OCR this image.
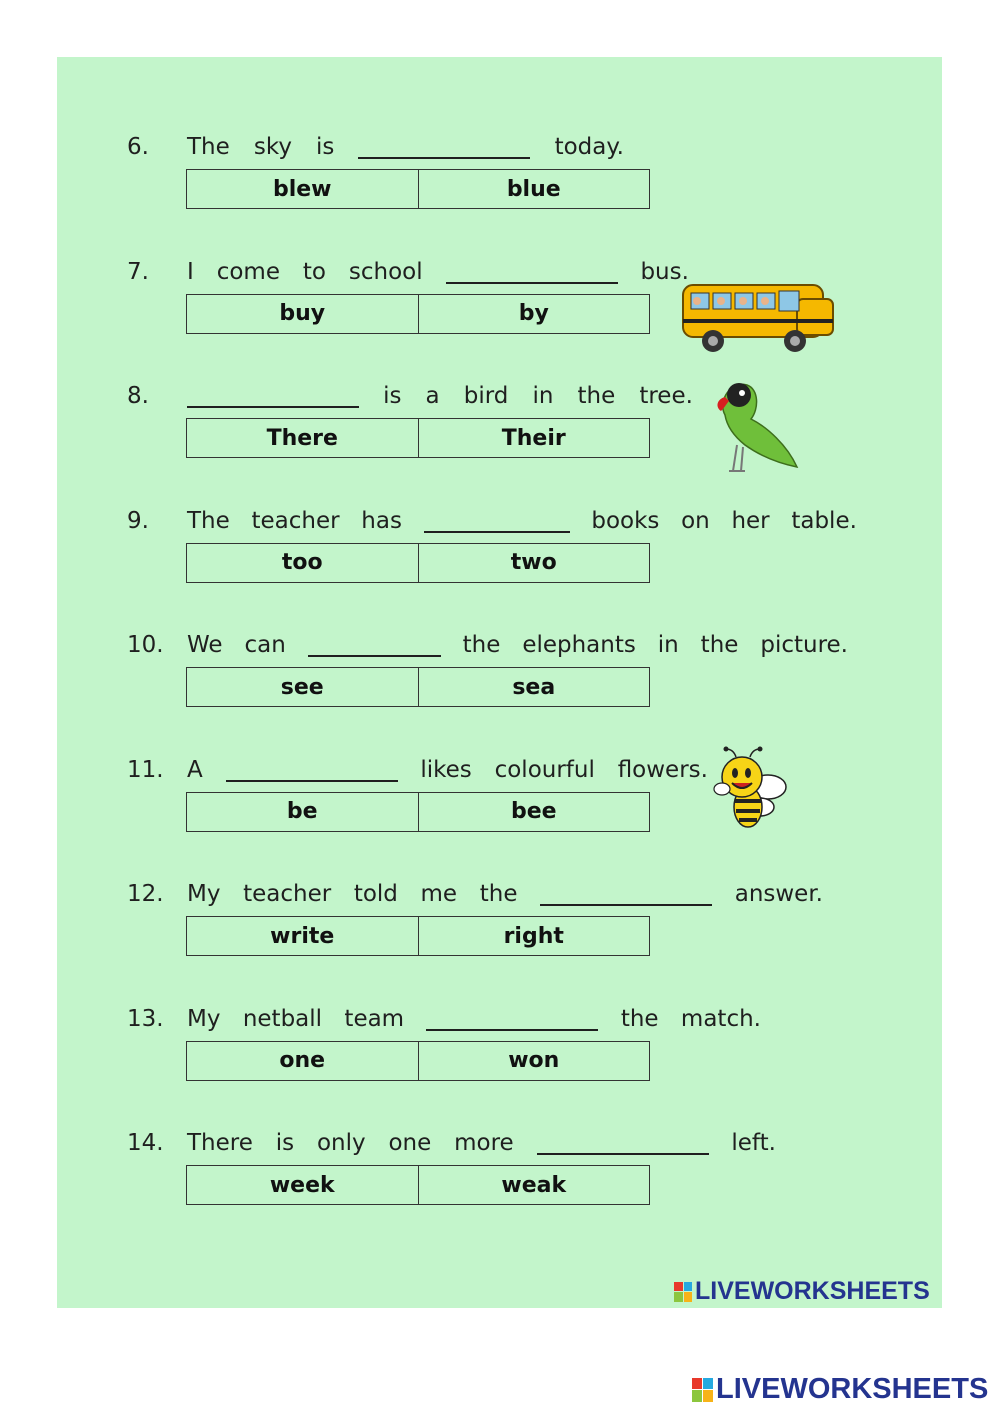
6. The sky is	today.
blew	blue
7. I come to school	bus.
buy	by
8.	is a bird in the tree.
There	Their
9. The teacher has	books on her table.
too	two
10. We can	the elephants in the picture.
see	sea
11. A	likes colourful flowers.
be	bee
12. My teacher told me the	answer.
write	right
13. My netball team	the match.
one	won
14. There is only one more	left.
week	weak
LIVEWORKSHEETS
LIVEWORKSHEETS
